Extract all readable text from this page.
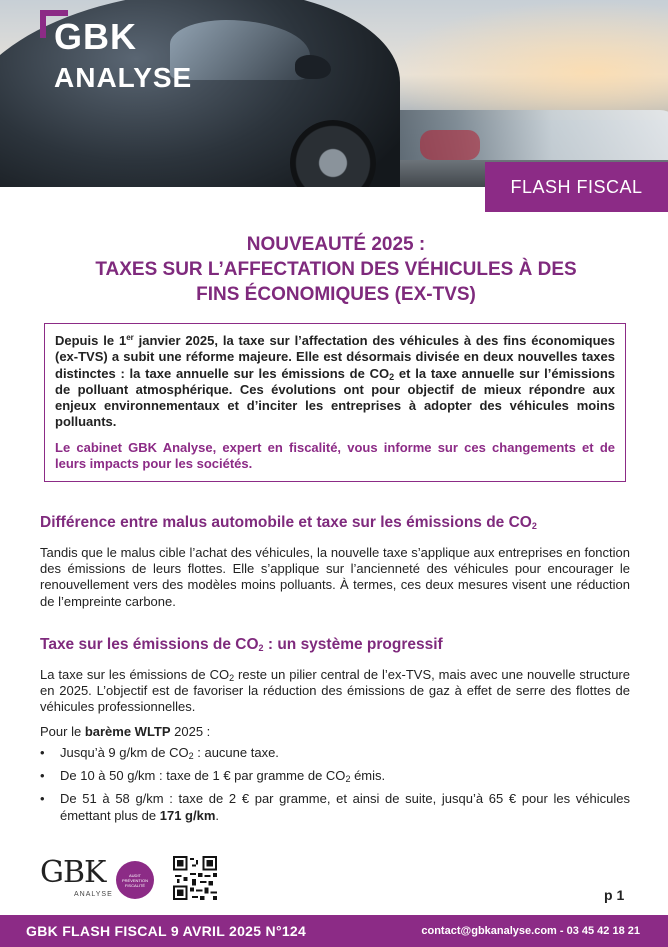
GBK
ANALYSE
FLASH FISCAL
NOUVEAUTÉ 2025 :
TAXES SUR L’AFFECTATION DES VÉHICULES À DES
FINS ÉCONOMIQUES (EX-TVS)

Depuis le 1er janvier 2025, la taxe sur l’affectation des véhicules à des fins économiques (ex-TVS) a subit une réforme majeure. Elle est désormais divisée en deux nouvelles taxes distinctes : la taxe annuelle sur les émissions de $CO_2$ et la taxe annuelle sur l’émissions de polluant atmosphérique. Ces évolutions ont pour objectif de mieux répondre aux enjeux environnementaux et d’inciter les entreprises à adopter des véhicules moins polluants.

Le cabinet GBK Analyse, expert en fiscalité, vous informe sur ces changements et de leurs impacts pour les sociétés.

Différence entre malus automobile et taxe sur les émissions de $CO_2$

Tandis que le malus cible l’achat des véhicules, la nouvelle taxe s’applique aux entreprises en fonction des émissions de leurs flottes. Elle s’applique sur l’ancienneté des véhicules pour encourager le renouvellement vers des modèles moins polluants. À termes, ces deux mesures visent une réduction de l’empreinte carbone.

Taxe sur les émissions de $CO_2$ : un système progressif

La taxe sur les émissions de $CO_2$ reste un pilier central de l’ex-TVS, mais avec une nouvelle structure en 2025. L’objectif est de favoriser la réduction des émissions de gaz à effet de serre des flottes de véhicules professionnelles.

Pour le barème WLTP 2025 :

• Jusqu’à 9 g/km de $CO_2$ : aucune taxe.
• De 10 à 50 g/km : taxe de 1 € par gramme de $CO_2$ émis.
• De 51 à 58 g/km : taxe de 2 € par gramme, et ainsi de suite, jusqu’à 65 € pour les véhicules émettant plus de 171 g/km.
GBK
ANALYSE
AUDIT PRÉVENTION FISCALITÉ
p 1
GBK FLASH FISCAL 9 AVRIL 2025 N°124	contact@gbkanalyse.com - 03 45 42 18 21
